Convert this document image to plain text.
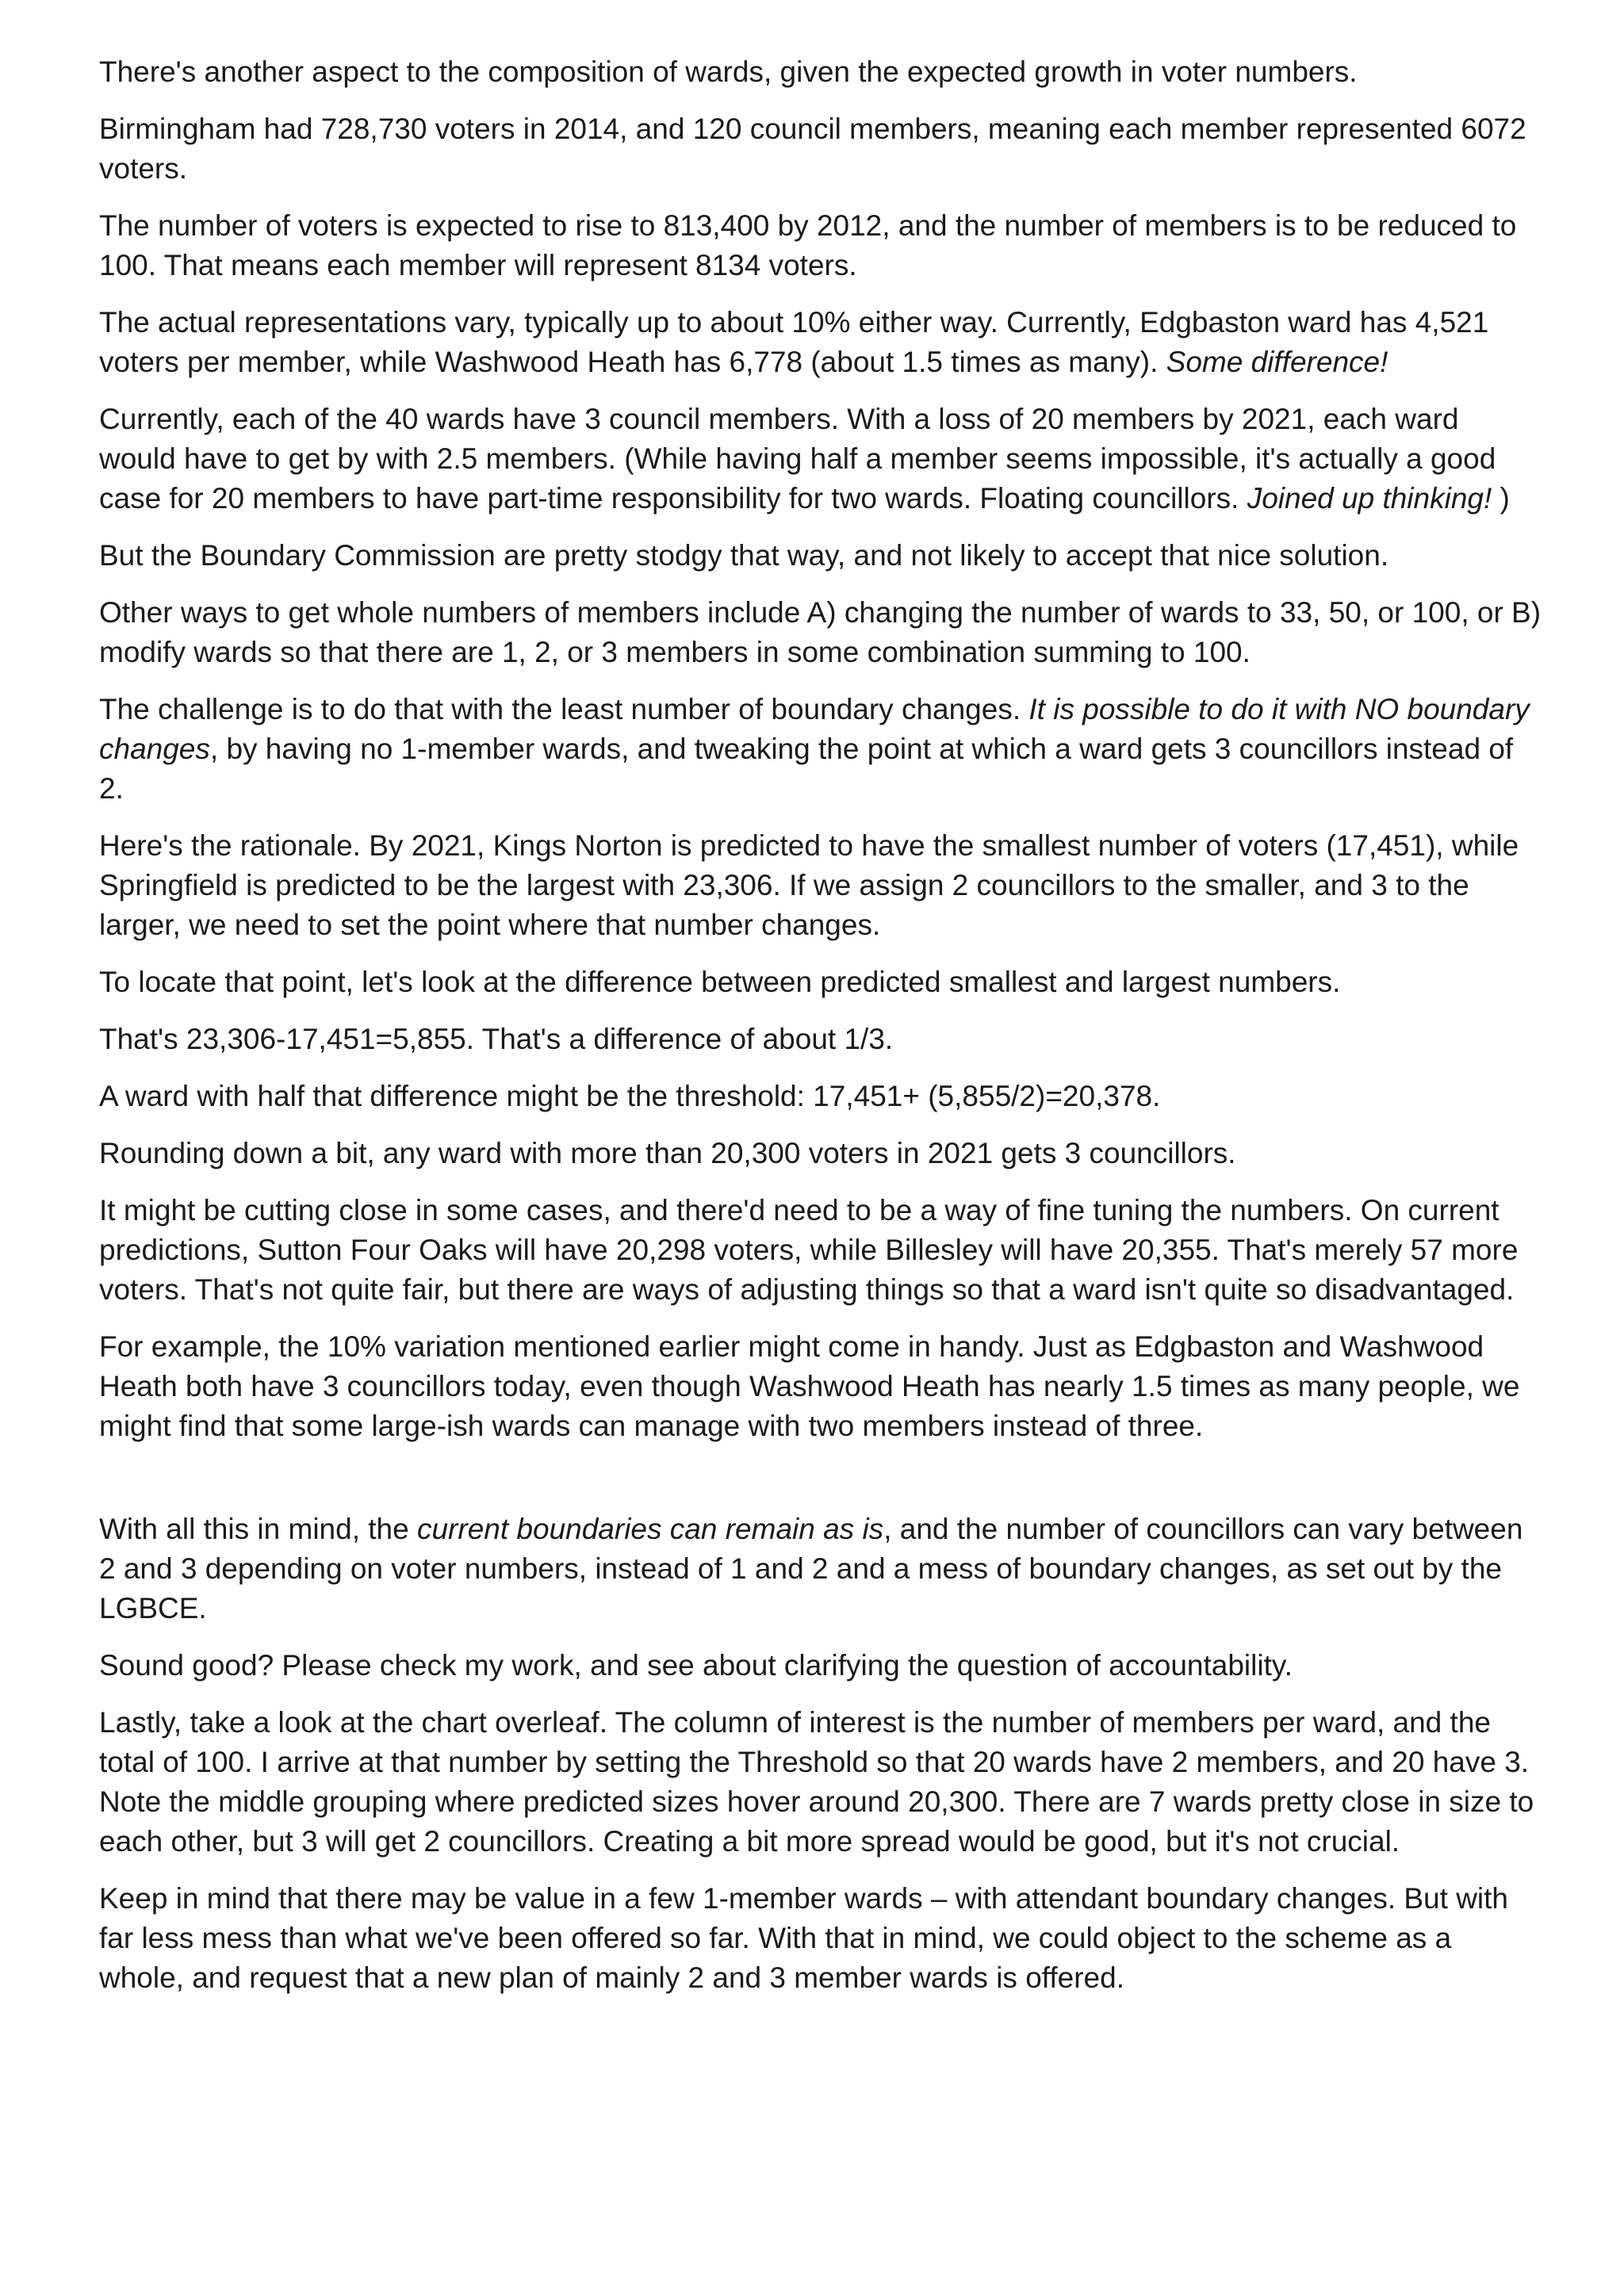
There's another aspect to the composition of wards, given the expected growth in voter numbers.

Birmingham had 728,730 voters in 2014, and 120 council members, meaning each member represented 6072 voters.

The number of voters is expected to rise to 813,400 by 2012, and the number of members is to be reduced to 100. That means each member will represent 8134 voters.

The actual representations vary, typically up to about 10% either way. Currently, Edgbaston ward has 4,521 voters per member, while Washwood Heath has 6,778 (about 1.5 times as many). Some difference!

Currently, each of the 40 wards have 3 council members. With a loss of 20 members by 2021, each ward would have to get by with 2.5 members. (While having half a member seems impossible, it's actually a good case for 20 members to have part-time responsibility for two wards. Floating councillors. Joined up thinking! )

But the Boundary Commission are pretty stodgy that way, and not likely to accept that nice solution.

Other ways to get whole numbers of members include A) changing the number of wards to 33, 50, or 100, or B) modify wards so that there are 1, 2, or 3 members in some combination summing to 100.

The challenge is to do that with the least number of boundary changes. It is possible to do it with NO boundary changes, by having no 1-member wards, and tweaking the point at which a ward gets 3 councillors instead of 2.

Here's the rationale. By 2021, Kings Norton is predicted to have the smallest number of voters (17,451), while Springfield is predicted to be the largest with 23,306. If we assign 2 councillors to the smaller, and 3 to the larger, we need to set the point where that number changes.

To locate that point, let's look at the difference between predicted smallest and largest numbers.

That's 23,306-17,451=5,855. That's a difference of about 1/3.

A ward with half that difference might be the threshold: 17,451+ (5,855/2)=20,378.

Rounding down a bit, any ward with more than 20,300 voters in 2021 gets 3 councillors.

It might be cutting close in some cases, and there'd need to be a way of fine tuning the numbers. On current predictions, Sutton Four Oaks will have 20,298 voters, while Billesley will have 20,355. That's merely 57 more voters. That's not quite fair, but there are ways of adjusting things so that a ward isn't quite so disadvantaged.

For example, the 10% variation mentioned earlier might come in handy. Just as Edgbaston and Washwood Heath both have 3 councillors today, even though Washwood Heath has nearly 1.5 times as many people, we might find that some large-ish wards can manage with two members instead of three.

With all this in mind, the current boundaries can remain as is, and the number of councillors can vary between 2 and 3 depending on voter numbers, instead of 1 and 2 and a mess of boundary changes, as set out by the LGBCE.

Sound good? Please check my work, and see about clarifying the question of accountability.

Lastly, take a look at the chart overleaf. The column of interest is the number of members per ward, and the total of 100. I arrive at that number by setting the Threshold so that 20 wards have 2 members, and 20 have 3. Note the middle grouping where predicted sizes hover around 20,300. There are 7 wards pretty close in size to each other, but 3 will get 2 councillors. Creating a bit more spread would be good, but it's not crucial.

Keep in mind that there may be value in a few 1-member wards – with attendant boundary changes. But with far less mess than what we've been offered so far. With that in mind, we could object to the scheme as a whole, and request that a new plan of mainly 2 and 3 member wards is offered.
